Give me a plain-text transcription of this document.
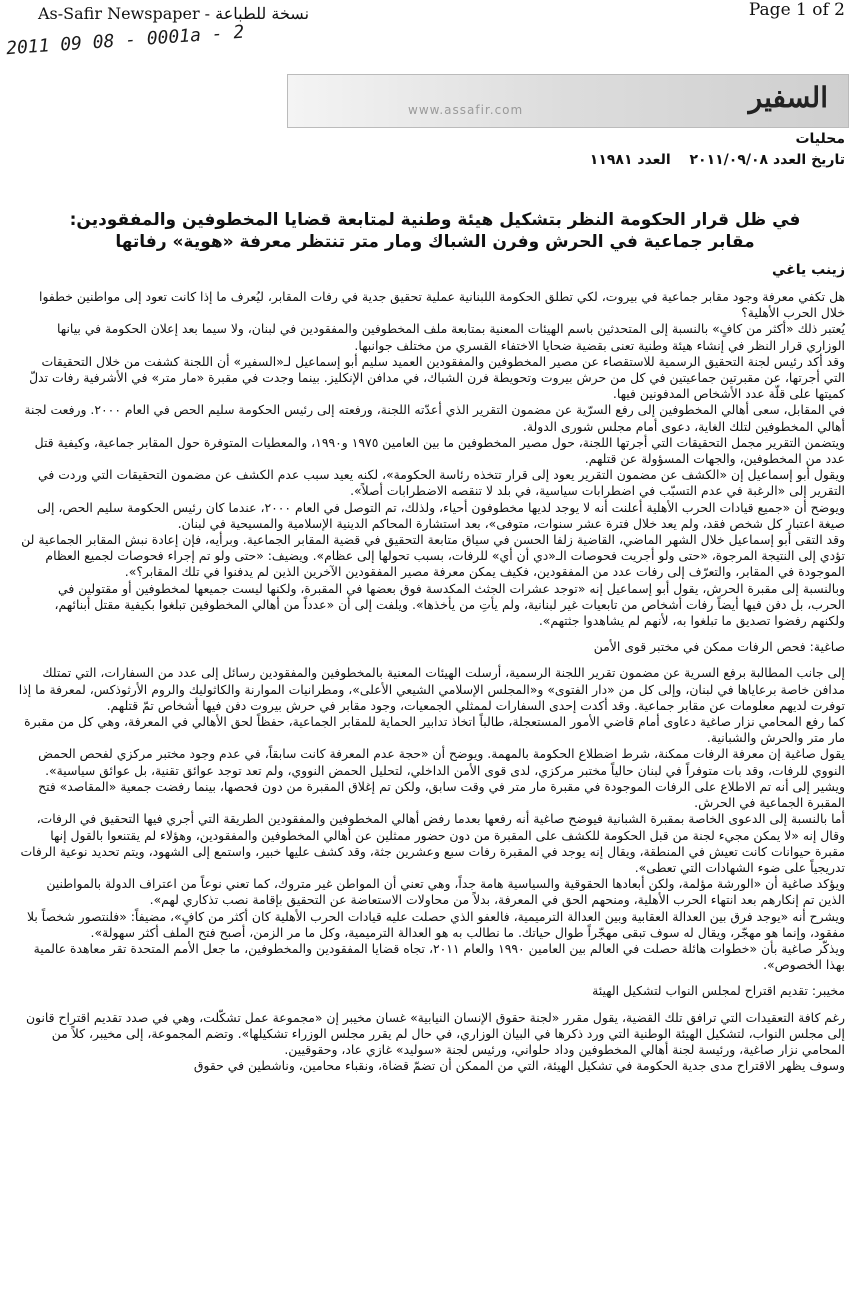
As-Safir Newspaper - نسخة للطباعة	Page 1 of 2
2011 09 08 - 0001a - 2
www.assafir.com	السفير
محليات
تاريخ العدد ٢٠١١/٠٩/٠٨ العدد ١١٩٨١
في ظل قرار الحكومة النظر بتشكيل هيئة وطنية لمتابعة قضايا المخطوفين والمفقودين:
مقابر جماعية في الحرش وفرن الشباك ومار متر تنتظر معرفة «هوية» رفاتها
زينب ياغي

هل تكفي معرفة وجود مقابر جماعية في بيروت، لكي تطلق الحكومة اللبنانية عملية تحقيق جدية في رفات المقابر، ليُعرف ما إذا كانت تعود إلى مواطنين خطفوا خلال الحرب الأهلية؟

يُعتبر ذلك «أكثر من كافٍ» بالنسبة إلى المتحدثين باسم الهيئات المعنية بمتابعة ملف المخطوفين والمفقودين في لبنان، ولا سيما بعد إعلان الحكومة في بيانها الوزاري قرار النظر في إنشاء هيئة وطنية تعنى بقضية ضحايا الاختفاء القسري من مختلف جوانبها.

وقد أكد رئيس لجنة التحقيق الرسمية للاستقصاء عن مصير المخطوفين والمفقودين العميد سليم أبو إسماعيل لـ«السفير» أن اللجنة كشفت من خلال التحقيقات التي أجرتها، عن مقبرتين جماعيتين في كل من حرش بيروت وتحويطة فرن الشباك، في مدافن الإنكليز. بينما وجدت في مقبرة «مار متر» في الأشرفية رفات تدلّ كميتها على قلّة عدد الأشخاص المدفونين فيها.

في المقابل، سعى أهالي المخطوفين إلى رفع السرّية عن مضمون التقرير الذي أعدّته اللجنة، ورفعته إلى رئيس الحكومة سليم الحص في العام ٢٠٠٠. ورفعت لجنة أهالي المخطوفين لتلك الغاية، دعوى أمام مجلس شورى الدولة.

ويتضمن التقرير مجمل التحقيقات التي أجرتها اللجنة، حول مصير المخطوفين ما بين العامين ١٩٧٥ و١٩٩٠، والمعطيات المتوفرة حول المقابر جماعية، وكيفية قتل عدد من المخطوفين، والجهات المسؤولة عن قتلهم.

ويقول أبو إسماعيل إن «الكشف عن مضمون التقرير يعود إلى قرار تتخذه رئاسة الحكومة»، لكنه يعيد سبب عدم الكشف عن مضمون التحقيقات التي وردت في التقرير إلى «الرغبة في عدم التسبّب في اضطرابات سياسية، في بلد لا تنقصه الاضطرابات أصلاً».

ويوضح أن «جميع قيادات الحرب الأهلية أعلنت أنه لا يوجد لديها مخطوفون أحياء، ولذلك، تم التوصل في العام ٢٠٠٠، عندما كان رئيس الحكومة سليم الحص، إلى صيغة اعتبار كل شخص فقد، ولم يعد خلال فترة عشر سنوات، متوفى»، بعد استشارة المحاكم الدينية الإسلامية والمسيحية في لبنان.

وقد التقى أبو إسماعيل خلال الشهر الماضي، القاضية زلفا الحسن في سياق متابعة التحقيق في قضية المقابر الجماعية. وبرأيه، فإن إعادة نبش المقابر الجماعية لن تؤدي إلى النتيجة المرجوة، «حتى ولو أجريت فحوصات الـ«دي أن أي» للرفات، بسبب تحولها إلى عظام». ويضيف: «حتى ولو تم إجراء فحوصات لجميع العظام الموجودة في المقابر، والتعرّف إلى رفات عدد من المفقودين، فكيف يمكن معرفة مصير المفقودين الآخرين الذين لم يدفنوا في تلك المقابر؟».

وبالنسبة إلى مقبرة الحرش، يقول أبو إسماعيل إنه «توجد عشرات الجثث المكدسة فوق بعضها في المقبرة، ولكنها ليست جميعها لمخطوفين أو مقتولين في الحرب، بل دفن فيها أيضاً رفات أشخاص من تابعيات غير لبنانية، ولم يأتِ من يأخذها». ويلفت إلى أن «عدداً من أهالي المخطوفين تبلغوا بكيفية مقتل أبنائهم، ولكنهم رفضوا تصديق ما تبلغوا به، لأنهم لم يشاهدوا جثتهم».

صاغية: فحص الرفات ممكن في مختبر قوى الأمن

إلى جانب المطالبة برفع السرية عن مضمون تقرير اللجنة الرسمية، أرسلت الهيئات المعنية بالمخطوفين والمفقودين رسائل إلى عدد من السفارات، التي تمتلك مدافن خاصة برعاياها في لبنان، وإلى كل من «دار الفتوى» و«المجلس الإسلامي الشيعي الأعلى»، ومطرانيات الموارنة والكاثوليك والروم الأرثوذكس، لمعرفة ما إذا توفرت لديهم معلومات عن مقابر جماعية. وقد أكدت إحدى السفارات لممثلي الجمعيات، وجود مقابر في حرش بيروت دفن فيها أشخاص تمّ قتلهم.

كما رفع المحامي نزار صاغية دعاوى أمام قاضي الأمور المستعجلة، طالباً اتخاذ تدابير الحماية للمقابر الجماعية، حفظاً لحق الأهالي في المعرفة، وهي كل من مقبرة مار متر والحرش والشبانية.

يقول صاغية إن معرفة الرفات ممكنة، شرط اضطلاع الحكومة بالمهمة. ويوضح أن «حجة عدم المعرفة كانت سابقاً، في عدم وجود مختبر مركزي لفحص الحمض النووي للرفات، وقد بات متوفراً في لبنان حالياً مختبر مركزي، لدى قوى الأمن الداخلي، لتحليل الحمض النووي، ولم تعد توجد عوائق تقنية، بل عوائق سياسية».

ويشير إلى أنه تم الاطلاع على الرفات الموجودة في مقبرة مار متر في وقت سابق، ولكن تم إغلاق المقبرة من دون فحصها، بينما رفضت جمعية «المقاصد» فتح المقبرة الجماعية في الحرش.

أما بالنسبة إلى الدعوى الخاصة بمقبرة الشبانية فيوضح صاغية أنه رفعها بعدما رفض أهالي المخطوفين والمفقودين الطريقة التي أجري فيها التحقيق في الرفات، وقال إنه «لا يمكن مجيء لجنة من قبل الحكومة للكشف على المقبرة من دون حضور ممثلين عن أهالي المخطوفين والمفقودين، وهؤلاء لم يقتنعوا بالقول إنها مقبرة حيوانات كانت تعيش في المنطقة، ويقال إنه يوجد في المقبرة رفات سبع وعشرين جثة، وقد كشف عليها خبير، واستمع إلى الشهود، ويتم تحديد نوعية الرفات تدريجياً على ضوء الشهادات التي تعطى».

ويؤكد صاغية أن «الورشة مؤلمة، ولكن أبعادها الحقوقية والسياسية هامة جداً، وهي تعني أن المواطن غير متروك، كما تعني نوعاً من اعتراف الدولة بالمواطنين الذين تم إنكارهم بعد انتهاء الحرب الأهلية، ومنحهم الحق في المعرفة، بدلاً من محاولات الاستعاضة عن التحقيق بإقامة نصب تذكاري لهم».

ويشرح أنه «يوجد فرق بين العدالة العقابية وبين العدالة الترميمية، فالعفو الذي حصلت عليه قيادات الحرب الأهلية كان أكثر من كافٍ»، مضيفاً: «فلنتصور شخصاً بلا مفقود، وإنما هو مهجّر، ويقال له سوف تبقى مهجّراً طوال حياتك. ما نطالب به هو العدالة الترميمية، وكل ما مر الزمن، أصبح فتح الملف أكثر سهولة».

ويذكّر صاغية بأن «خطوات هائلة حصلت في العالم بين العامين ١٩٩٠ والعام ٢٠١١، تجاه قضايا المفقودين والمخطوفين، ما جعل الأمم المتحدة تقر معاهدة عالمية بهذا الخصوص».

مخيبر: تقديم اقتراح لمجلس النواب لتشكيل الهيئة

رغم كافة التعقيدات التي ترافق تلك القضية، يقول مقرر «لجنة حقوق الإنسان النيابية» غسان مخيبر إن «مجموعة عمل تشكّلت، وهي في صدد تقديم اقتراح قانون إلى مجلس النواب، لتشكيل الهيئة الوطنية التي ورد ذكرها في البيان الوزاري، في حال لم يقرر مجلس الوزراء تشكيلها». وتضم المجموعة، إلى مخيبر، كلاً من المحامي نزار صاغية، ورئيسة لجنة أهالي المخطوفين وداد حلواني، ورئيس لجنة «سوليد» غازي عاد، وحقوقيين.

وسوف يظهر الاقتراح مدى جدية الحكومة في تشكيل الهيئة، التي من الممكن أن تضمّ قضاة، ونقباء محامين، وناشطين في حقوق
